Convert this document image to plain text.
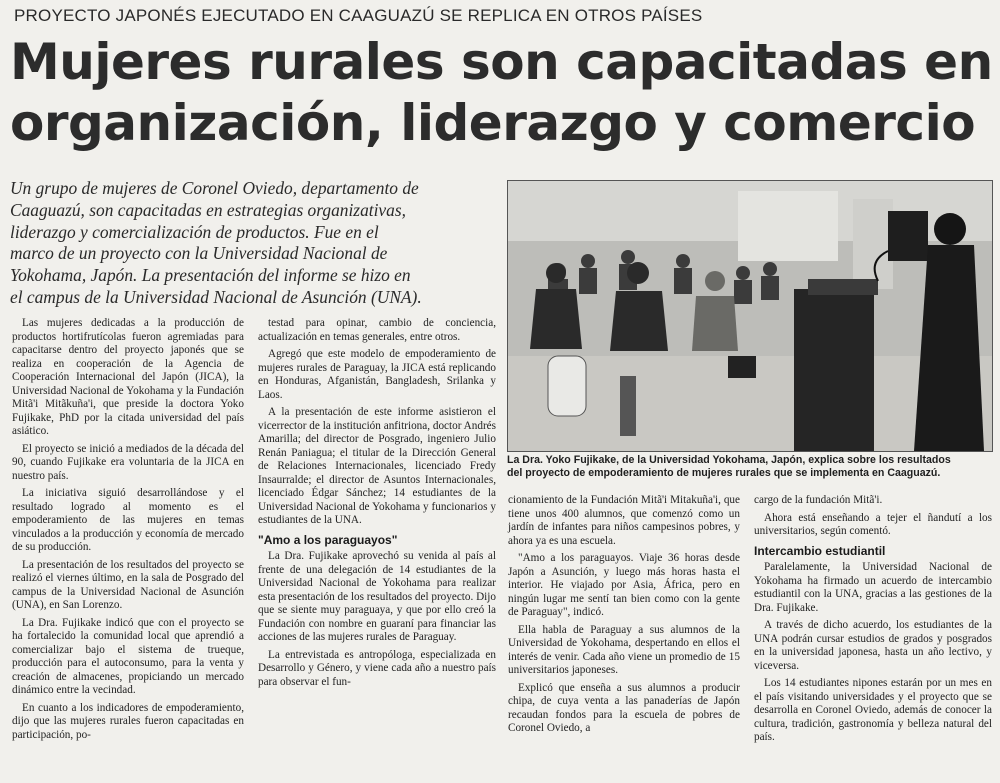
PROYECTO JAPONÉS EJECUTADO EN CAAGUAZÚ SE REPLICA EN OTROS PAÍSES
Mujeres rurales son capacitadas en
organización, liderazgo y comercio
Un grupo de mujeres de Coronel Oviedo, departamento de
Caaguazú, son capacitadas en estrategias organizativas,
liderazgo y comercialización de productos. Fue en el
marco de un proyecto con la Universidad Nacional de
Yokohama, Japón. La presentación del informe se hizo en
el campus de la Universidad Nacional de Asunción (UNA).
La Dra. Yoko Fujikake, de la Universidad Yokohama, Japón, explica sobre los resultados
del proyecto de empoderamiento de mujeres rurales que se implementa en Caaguazú.

Las mujeres dedicadas a la producción de productos hortifrutícolas fueron agremiadas para capacitarse dentro del proyecto japonés que se realiza en cooperación de la Agencia de Cooperación Internacional del Japón (JICA), la Universidad Nacional de Yokohama y la Fundación Mitã'i Mitãkuña'i, que preside la doctora Yoko Fujikake, PhD por la citada universidad del país asiático.

El proyecto se inició a mediados de la década del 90, cuando Fujikake era voluntaria de la JICA en nuestro país.

La iniciativa siguió desarrollándose y el resultado logrado al momento es el empoderamiento de las mujeres en temas vinculados a la producción y economía de mercado de su producción.

La presentación de los resultados del proyecto se realizó el viernes último, en la sala de Posgrado del campus de la Universidad Nacional de Asunción (UNA), en San Lorenzo.

La Dra. Fujikake indicó que con el proyecto se ha fortalecido la comunidad local que aprendió a comercializar bajo el sistema de trueque, producción para el autoconsumo, para la venta y creación de almacenes, propiciando un mercado dinámico entre la vecindad.

En cuanto a los indicadores de empoderamiento, dijo que las mujeres rurales fueron capacitadas en participación, po-

testad para opinar, cambio de conciencia, actualización en temas generales, entre otros.

Agregó que este modelo de empoderamiento de mujeres rurales de Paraguay, la JICA está replicando en Honduras, Afganistán, Bangladesh, Srilanka y Laos.

A la presentación de este informe asistieron el vicerrector de la institución anfitriona, doctor Andrés Amarilla; del director de Posgrado, ingeniero Julio Renán Paniagua; el titular de la Dirección General de Relaciones Internacionales, licenciado Fredy Insaurralde; el director de Asuntos Internacionales, licenciado Édgar Sánchez; 14 estudiantes de la Universidad Nacional de Yokohama y funcionarios y estudiantes de la UNA.

"Amo a los paraguayos"

La Dra. Fujikake aprovechó su venida al país al frente de una delegación de 14 estudiantes de la Universidad Nacional de Yokohama para realizar esta presentación de los resultados del proyecto. Dijo que se siente muy paraguaya, y que por ello creó la Fundación con nombre en guaraní para financiar las acciones de las mujeres rurales de Paraguay.

La entrevistada es antropóloga, especializada en Desarrollo y Género, y viene cada año a nuestro país para observar el fun-

cionamiento de la Fundación Mitã'i Mitakuña'i, que tiene unos 400 alumnos, que comenzó como un jardín de infantes para niños campesinos pobres, y ahora ya es una escuela.

"Amo a los paraguayos. Viaje 36 horas desde Japón a Asunción, y luego más horas hasta el interior. He viajado por Asia, África, pero en ningún lugar me sentí tan bien como con la gente de Paraguay", indicó.

Ella habla de Paraguay a sus alumnos de la Universidad de Yokohama, despertando en ellos el interés de venir. Cada año viene un promedio de 15 universitarios japoneses.

Explicó que enseña a sus alumnos a producir chipa, de cuya venta a las panaderías de Japón recaudan fondos para la escuela de pobres de Coronel Oviedo, a

cargo de la fundación Mitã'i.

Ahora está enseñando a tejer el ñandutí a los universitarios, según comentó.

Intercambio estudiantil

Paralelamente, la Universidad Nacional de Yokohama ha firmado un acuerdo de intercambio estudiantil con la UNA, gracias a las gestiones de la Dra. Fujikake.

A través de dicho acuerdo, los estudiantes de la UNA podrán cursar estudios de grados y posgrados en la universidad japonesa, hasta un año lectivo, y viceversa.

Los 14 estudiantes nipones estarán por un mes en el país visitando universidades y el proyecto que se desarrolla en Coronel Oviedo, además de conocer la cultura, tradición, gastronomía y belleza natural del país.
